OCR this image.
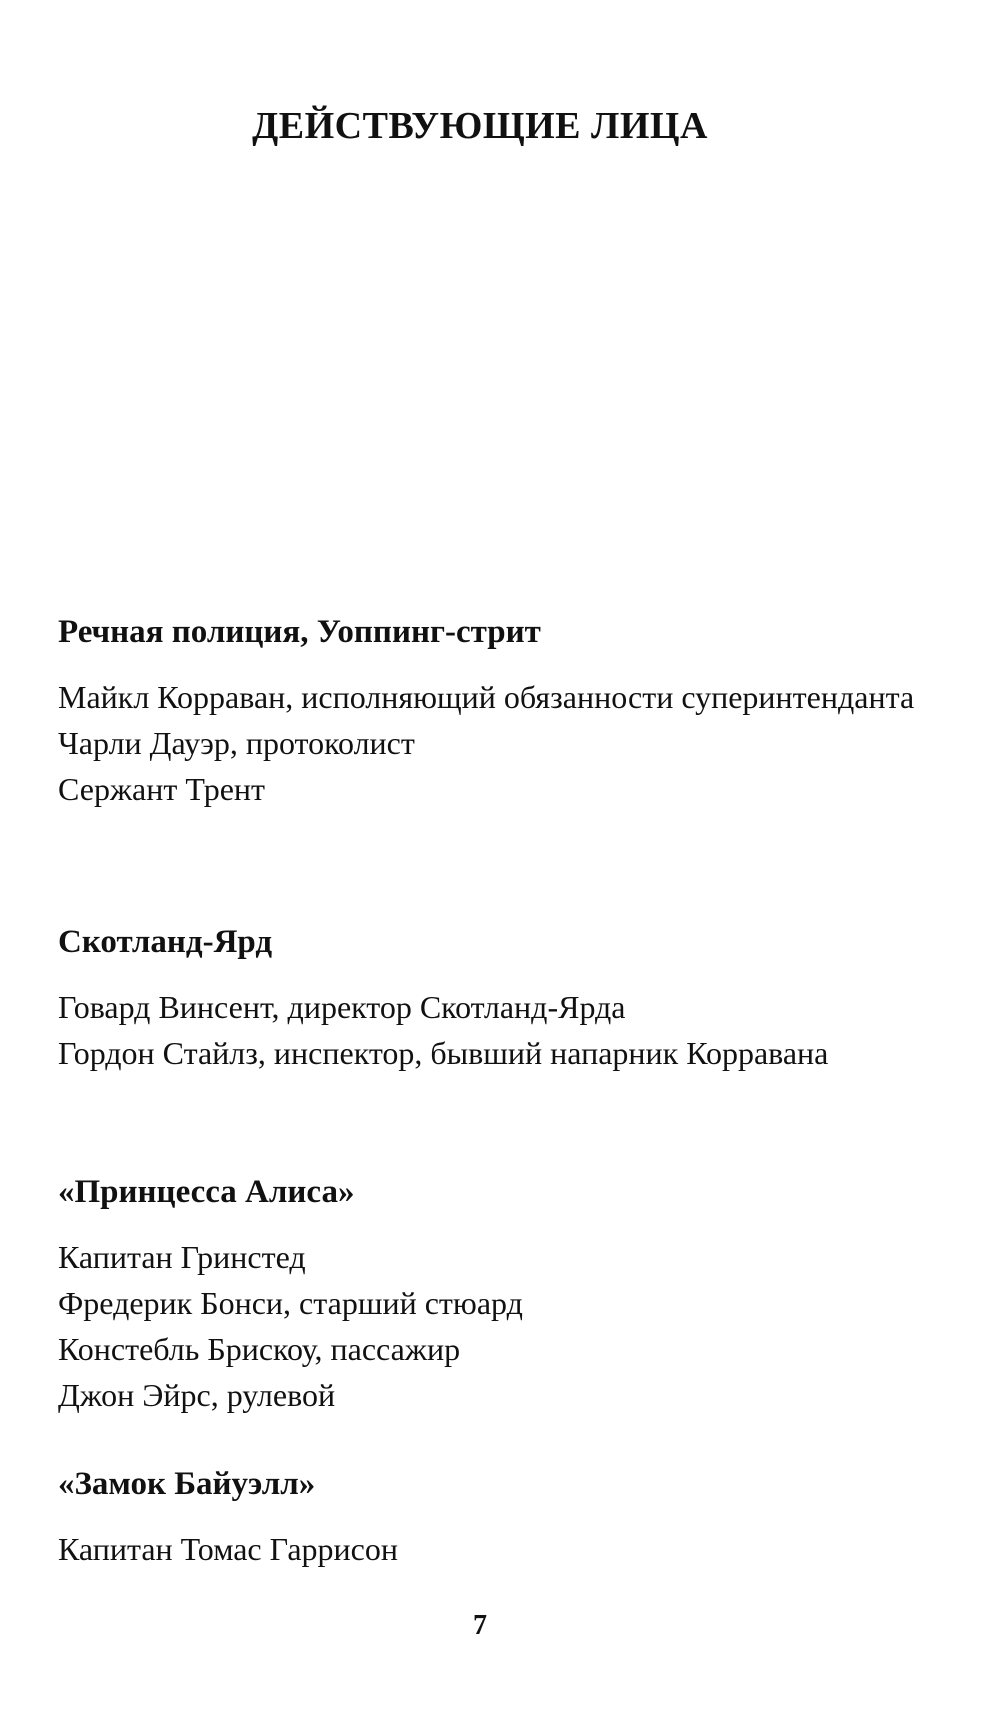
ДЕЙСТВУЮЩИЕ ЛИЦА

Речная полиция, Уоппинг-стрит

Майкл Корраван, исполняющий обязанности суперинтенданта

Чарли Дауэр, протоколист

Сержант Трент

Скотланд-Ярд

Говард Винсент, директор Скотланд-Ярда

Гордон Стайлз, инспектор, бывший напарник Корравана

«Принцесса Алиса»

Капитан Гринстед

Фредерик Бонси, старший стюард

Констебль Брискоу, пассажир

Джон Эйрс, рулевой

«Замок Байуэлл»

Капитан Томас Гаррисон

7
